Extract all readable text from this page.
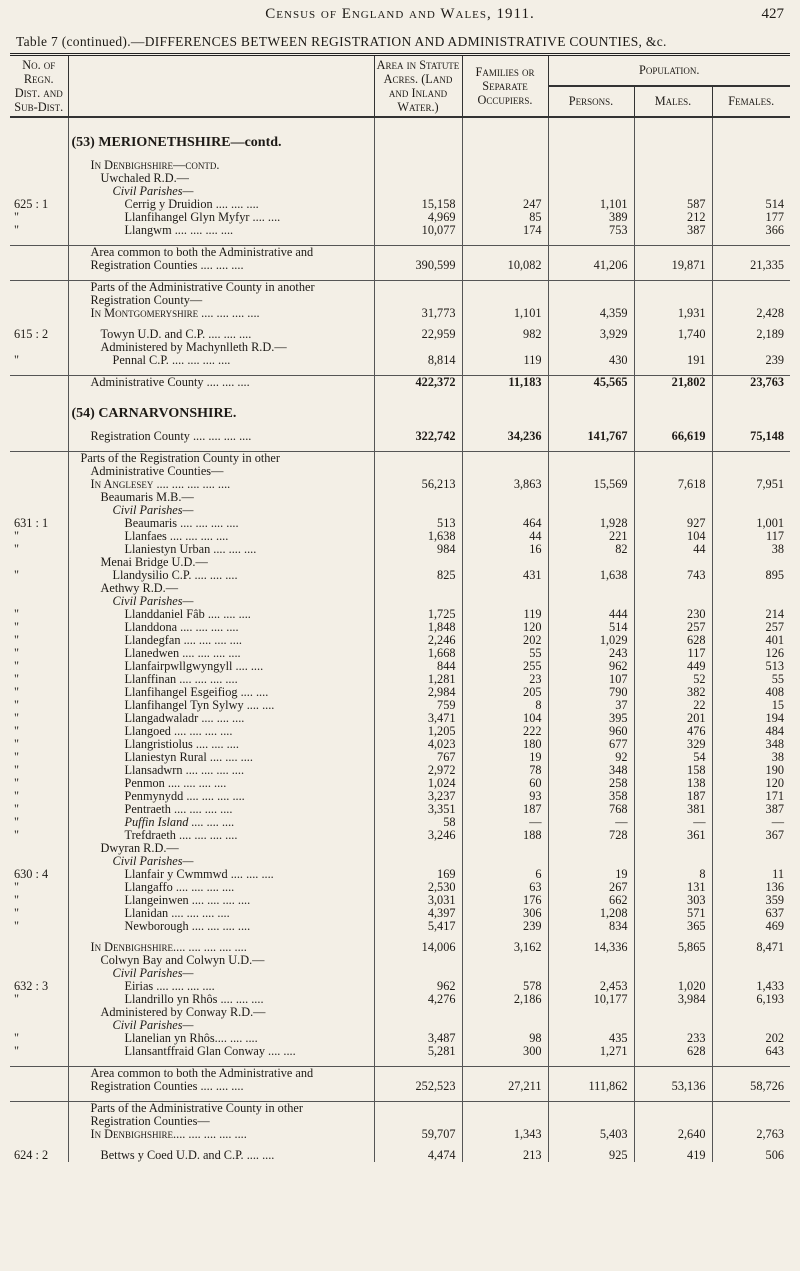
Census of England and Wales, 1911.	427
Table 7 (continued).—DIFFERENCES BETWEEN REGISTRATION AND ADMINISTRATIVE COUNTIES, &c.
No. of Regn. Dist. and Sub-Dist.		Area in Statute Acres. (Land and Inland Water.)	Families or Separate Occupiers.	Population.		
				Persons.	Males.	Females.

	(53) MERIONETHSHIRE—contd.					
	In Denbighshire—contd.					
	Uwchaled R.D.—					
	Civil Parishes—					
625 : 1	Cerrig y Druidion .... .... ....	15,158	247	1,101	587	514
"	Llanfihangel Glyn Myfyr .... ....	4,969	85	389	212	177
"	Llangwm .... .... .... ....	10,077	174	753	387	366

	Area common to both the Administrative and					
	Registration Counties .... .... ....	390,599	10,082	41,206	19,871	21,335

	Parts of the Administrative County in another					
	Registration County—					
	In Montgomeryshire .... .... .... ....	31,773	1,101	4,359	1,931	2,428

615 : 2	Towyn U.D. and C.P. .... .... ....	22,959	982	3,929	1,740	2,189
	Administered by Machynlleth R.D.—					
"	Pennal C.P. .... .... .... ....	8,814	119	430	191	239

	Administrative County .... .... ....	422,372	11,183	45,565	21,802	23,763

	(54) CARNARVONSHIRE.					
	Registration County .... .... .... ....	322,742	34,236	141,767	66,619	75,148

	Parts of the Registration County in other					
	Administrative Counties—					
	In Anglesey .... .... .... .... ....	56,213	3,863	15,569	7,618	7,951
	Beaumaris M.B.—					
	Civil Parishes—					
631 : 1	Beaumaris .... .... .... ....	513	464	1,928	927	1,001
"	Llanfaes .... .... .... ....	1,638	44	221	104	117
"	Llaniestyn Urban .... .... ....	984	16	82	44	38
	Menai Bridge U.D.—					
"	Llandysilio C.P. .... .... ....	825	431	1,638	743	895
	Aethwy R.D.—					
	Civil Parishes—					
"	Llanddaniel Fâb .... .... ....	1,725	119	444	230	214
"	Llanddona .... .... .... ....	1,848	120	514	257	257
"	Llandegfan .... .... .... ....	2,246	202	1,029	628	401
"	Llanedwen .... .... .... ....	1,668	55	243	117	126
"	Llanfairpwllgwyngyll .... ....	844	255	962	449	513
"	Llanffinan .... .... .... ....	1,281	23	107	52	55
"	Llanfihangel Esgeifiog .... ....	2,984	205	790	382	408
"	Llanfihangel Tyn Sylwy .... ....	759	8	37	22	15
"	Llangadwaladr .... .... ....	3,471	104	395	201	194
"	Llangoed .... .... .... ....	1,205	222	960	476	484
"	Llangristiolus .... .... ....	4,023	180	677	329	348
"	Llaniestyn Rural .... .... ....	767	19	92	54	38
"	Llansadwrn .... .... .... ....	2,972	78	348	158	190
"	Penmon .... .... .... ....	1,024	60	258	138	120
"	Penmynydd .... .... .... ....	3,237	93	358	187	171
"	Pentraeth .... .... .... ....	3,351	187	768	381	387
"	Puffin Island .... .... ....	58	—	—	—	—
"	Trefdraeth .... .... .... ....	3,246	188	728	361	367
	Dwyran R.D.—					
	Civil Parishes—					
630 : 4	Llanfair y Cwmmwd .... .... ....	169	6	19	8	11
"	Llangaffo .... .... .... ....	2,530	63	267	131	136
"	Llangeinwen .... .... .... ....	3,031	176	662	303	359
"	Llanidan .... .... .... ....	4,397	306	1,208	571	637
"	Newborough .... .... .... ....	5,417	239	834	365	469

	In Denbighshire.... .... .... .... ....	14,006	3,162	14,336	5,865	8,471
	Colwyn Bay and Colwyn U.D.—					
	Civil Parishes—					
632 : 3	Eirias .... .... .... ....	962	578	2,453	1,020	1,433
"	Llandrillo yn Rhôs .... .... ....	4,276	2,186	10,177	3,984	6,193
	Administered by Conway R.D.—					
	Civil Parishes—					
"	Llanelian yn Rhôs.... .... ....	3,487	98	435	233	202
"	Llansantffraid Glan Conway .... ....	5,281	300	1,271	628	643

	Area common to both the Administrative and					
	Registration Counties .... .... ....	252,523	27,211	111,862	53,136	58,726

	Parts of the Administrative County in other					
	Registration Counties—					
	In Denbighshire.... .... .... .... ....	59,707	1,343	5,403	2,640	2,763

624 : 2	Bettws y Coed U.D. and C.P. .... ....	4,474	213	925	419	506
